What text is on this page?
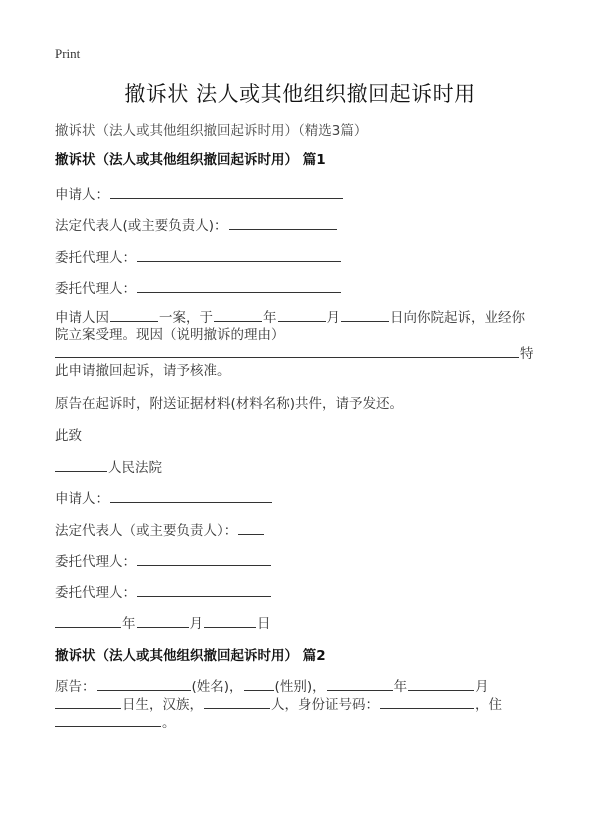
Print
撤诉状 法人或其他组织撤回起诉时用
撤诉状（法人或其他组织撤回起诉时用）（精选3篇）
撤诉状（法人或其他组织撤回起诉时用） 篇1
申请人：
法定代表人(或主要负责人)：
委托代理人：
委托代理人：
申请人因	一案，于	年	月	日向你院起诉，业经你
院立案受理。现因（说明撤诉的理由）
特
此申请撤回起诉，请予核准。
原告在起诉时，附送证据材料(材料名称)共件，请予发还。
此致
人民法院
申请人：
法定代表人（或主要负责人）：
委托代理人：
委托代理人：
年	月	日
撤诉状（法人或其他组织撤回起诉时用） 篇2
原告：	(姓名)， (性别)，	年	月
日生，汉族，	人，身份证号码：	，住
。
